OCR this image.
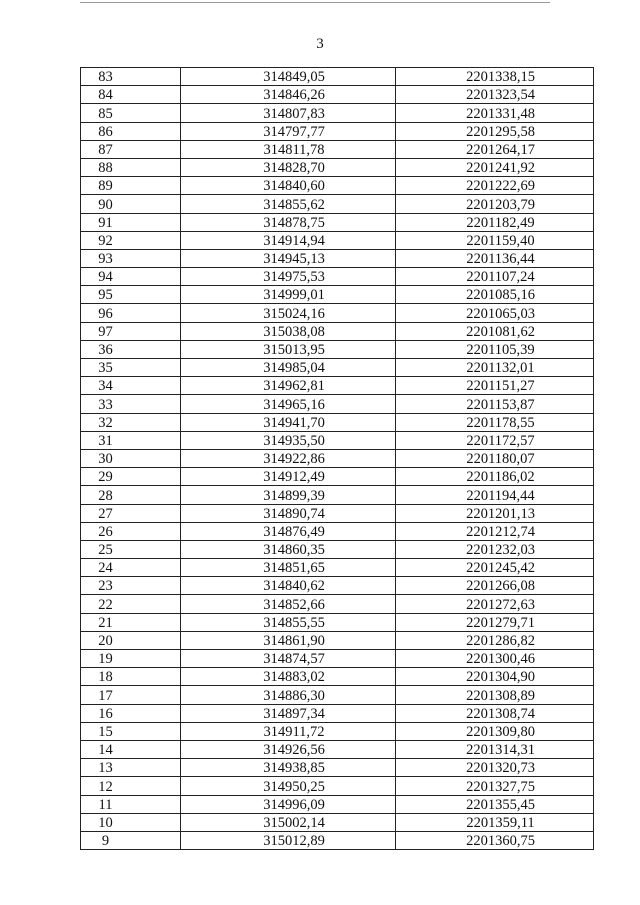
3
83	314849,05	2201338,15
84	314846,26	2201323,54
85	314807,83	2201331,48
86	314797,77	2201295,58
87	314811,78	2201264,17
88	314828,70	2201241,92
89	314840,60	2201222,69
90	314855,62	2201203,79
91	314878,75	2201182,49
92	314914,94	2201159,40
93	314945,13	2201136,44
94	314975,53	2201107,24
95	314999,01	2201085,16
96	315024,16	2201065,03
97	315038,08	2201081,62
36	315013,95	2201105,39
35	314985,04	2201132,01
34	314962,81	2201151,27
33	314965,16	2201153,87
32	314941,70	2201178,55
31	314935,50	2201172,57
30	314922,86	2201180,07
29	314912,49	2201186,02
28	314899,39	2201194,44
27	314890,74	2201201,13
26	314876,49	2201212,74
25	314860,35	2201232,03
24	314851,65	2201245,42
23	314840,62	2201266,08
22	314852,66	2201272,63
21	314855,55	2201279,71
20	314861,90	2201286,82
19	314874,57	2201300,46
18	314883,02	2201304,90
17	314886,30	2201308,89
16	314897,34	2201308,74
15	314911,72	2201309,80
14	314926,56	2201314,31
13	314938,85	2201320,73
12	314950,25	2201327,75
11	314996,09	2201355,45
10	315002,14	2201359,11
9	315012,89	2201360,75
